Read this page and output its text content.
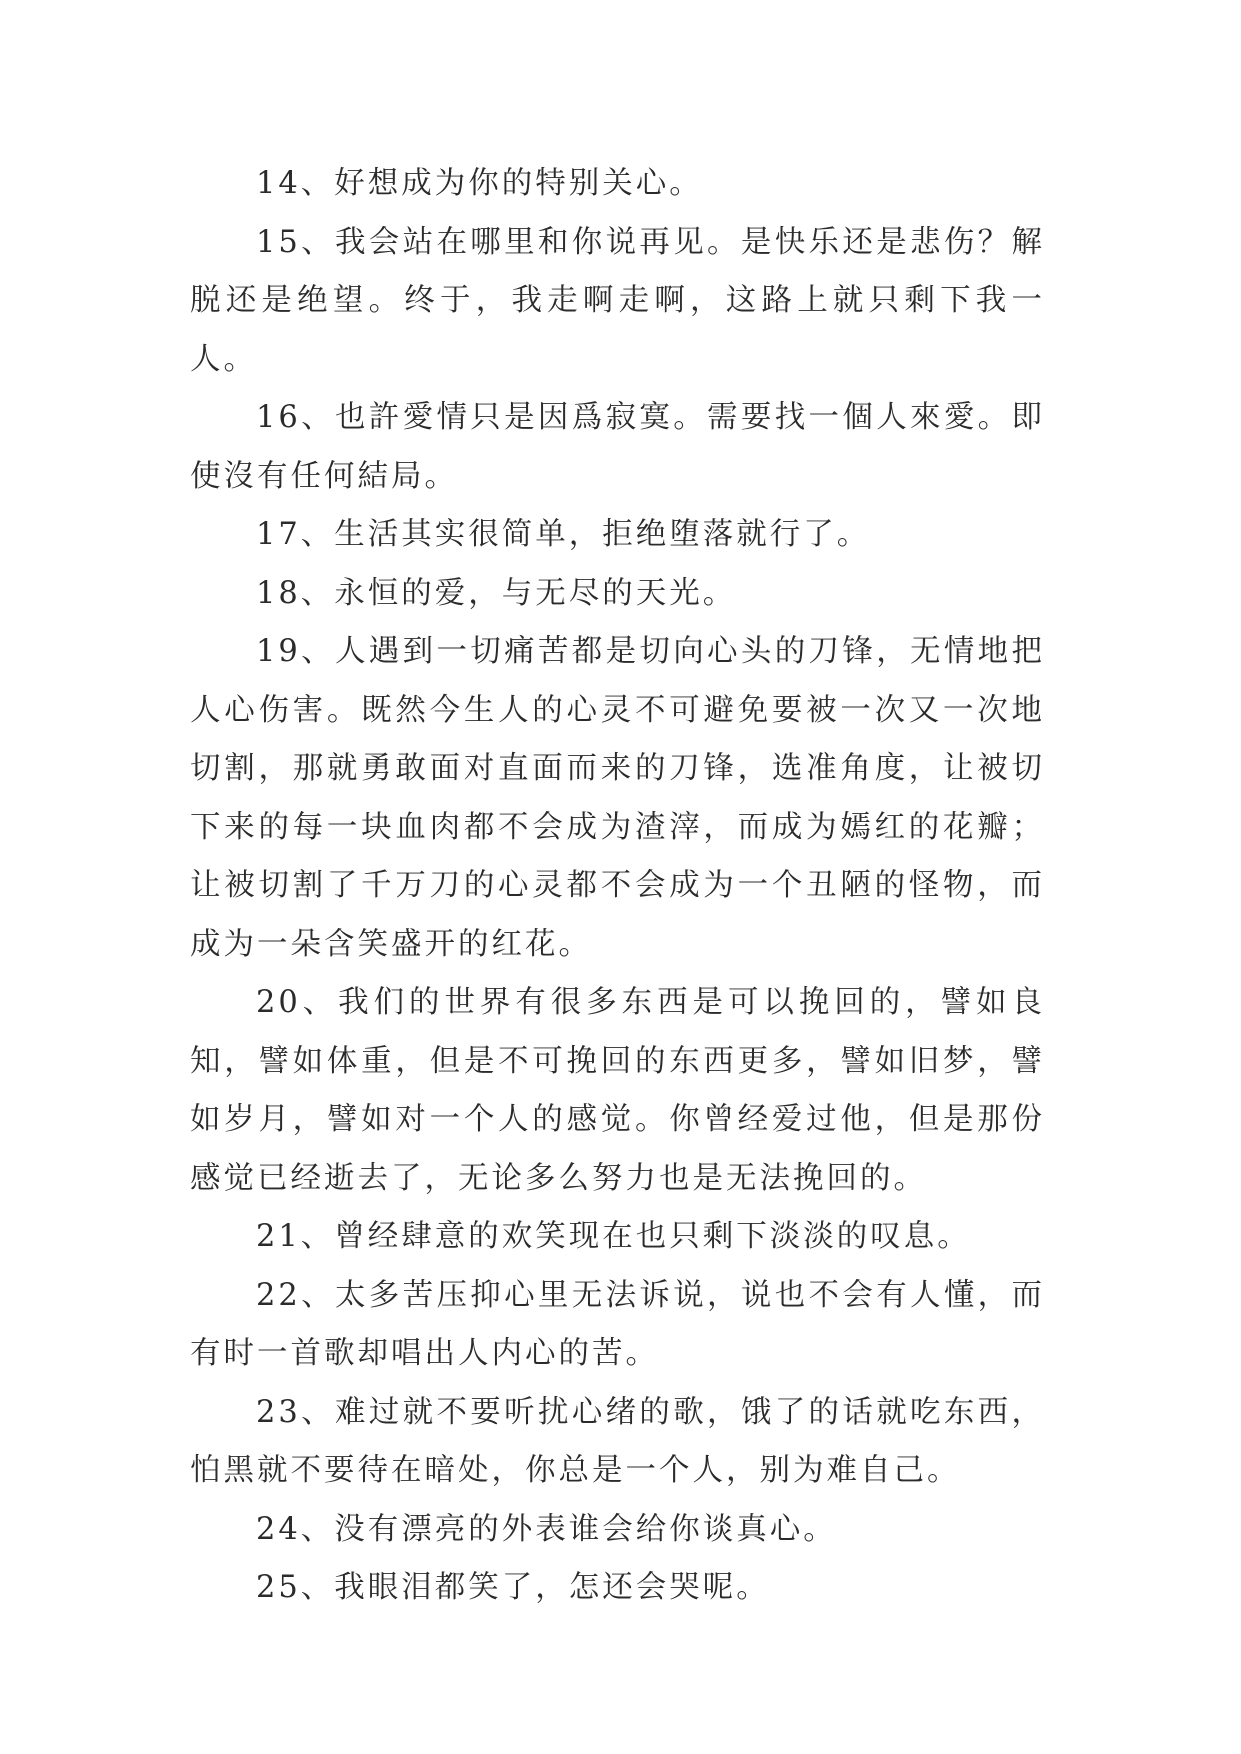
14、好想成为你的特别关心。

15、我会站在哪里和你说再见。是快乐还是悲伤？解脱还是绝望。终于，我走啊走啊，这路上就只剩下我一人。

16、也許愛情只是因爲寂寞。需要找一個人來愛。即使沒有任何結局。

17、生活其实很简单，拒绝堕落就行了。

18、永恒的爱，与无尽的天光。

19、人遇到一切痛苦都是切向心头的刀锋，无情地把人心伤害。既然今生人的心灵不可避免要被一次又一次地切割，那就勇敢面对直面而来的刀锋，选准角度，让被切下来的每一块血肉都不会成为渣滓，而成为嫣红的花瓣；让被切割了千万刀的心灵都不会成为一个丑陋的怪物，而成为一朵含笑盛开的红花。

20、我们的世界有很多东西是可以挽回的，譬如良知，譬如体重，但是不可挽回的东西更多，譬如旧梦，譬如岁月，譬如对一个人的感觉。你曾经爱过他，但是那份感觉已经逝去了，无论多么努力也是无法挽回的。

21、曾经肆意的欢笑现在也只剩下淡淡的叹息。

22、太多苦压抑心里无法诉说，说也不会有人懂，而有时一首歌却唱出人内心的苦。

23、难过就不要听扰心绪的歌，饿了的话就吃东西，怕黑就不要待在暗处，你总是一个人，别为难自己。

24、没有漂亮的外表谁会给你谈真心。

25、我眼泪都笑了，怎还会哭呢。
